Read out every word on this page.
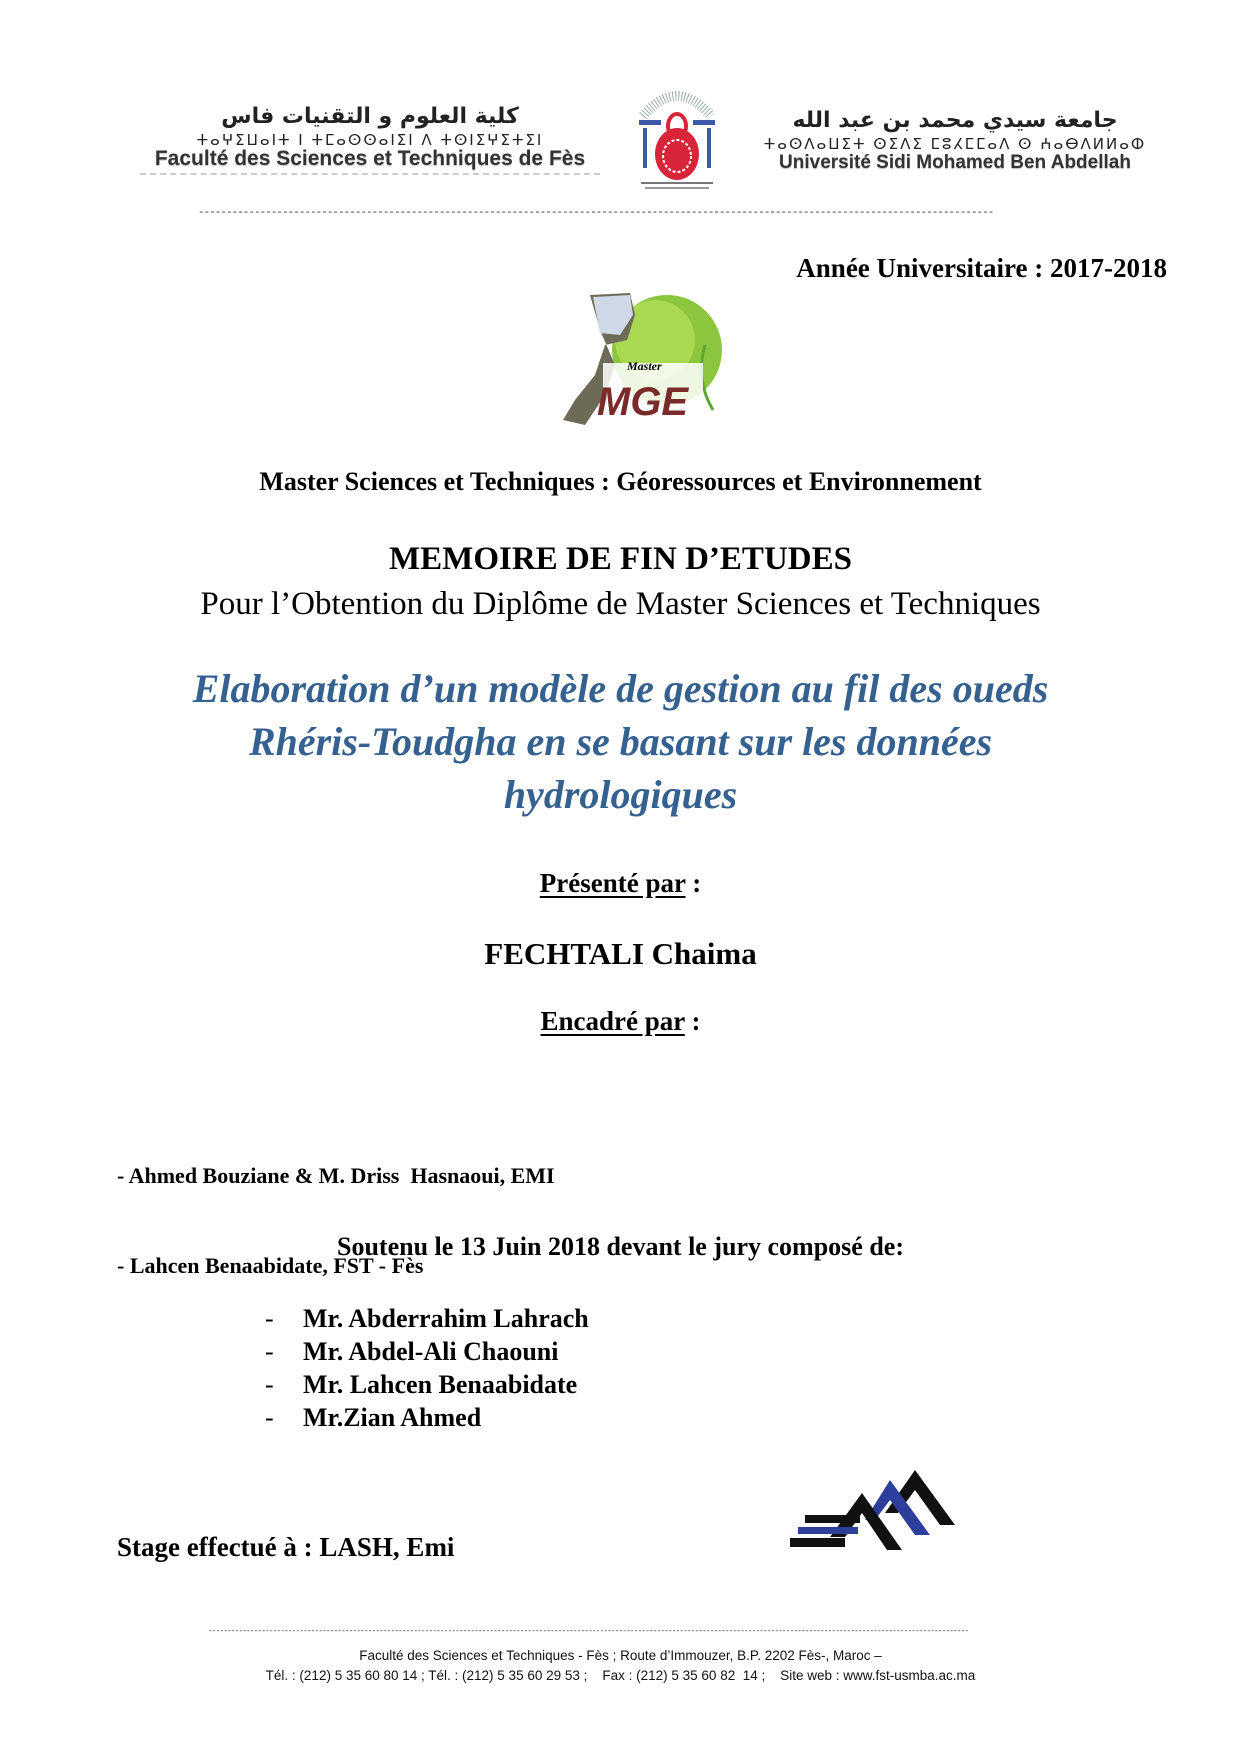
كلية العلوم و التقنيات فاس
ⵜⴰⵖⵉⵡⴰⵏⵜ ⵏ ⵜⵎⴰⵙⵙⴰⵏⵉⵏ ⴷ ⵜⵙⵏⵉⵖⵉⵜⵉⵏ
Faculté des Sciences et Techniques de Fès
جامعة سيدي محمد بن عبد الله
ⵜⴰⵙⴷⴰⵡⵉⵜ ⵙⵉⴷⵉ ⵎⵓⵃⵎⵎⴰⴷ ⵙ ⵄⴰⴱⴷⵍⵍⴰⵀ
Université Sidi Mohamed Ben Abdellah
----------------------------------------------------------------------------------------------------------------------------------------------
Année Universitaire : 2017-2018
Master
MGE
Master Sciences et Techniques : Géoressources et Environnement
MEMOIRE DE FIN D’ETUDES
Pour l’Obtention du Diplôme de Master Sciences et Techniques
Elaboration d’un modèle de gestion au fil des oueds
Rhéris-Toudgha en se basant sur les données
hydrologiques
Présenté par :
FECHTALI Chaima
Encadré par :

- Ahmed Bouziane & M. Driss  Hasnaoui, EMI

- Lahcen Benaabidate, FST - Fès

Soutenu le 13 Juin 2018 devant le jury composé de:
- Mr. Abderrahim Lahrach
- Mr. Abdel-Ali Chaouni
- Mr. Lahcen Benaabidate
- Mr.Zian Ahmed
Stage effectué à : LASH, Emi
--------------------------------------------------------------------------------------------------------------------------------------------------------------------------------------------------------
Faculté des Sciences et Techniques - Fès ; Route d’Immouzer, B.P. 2202 Fès-, Maroc –
Tél. : (212) 5 35 60 80 14 ; Tél. : (212) 5 35 60 29 53 ;    Fax : (212) 5 35 60 82  14 ;    Site web : www.fst-usmba.ac.ma
